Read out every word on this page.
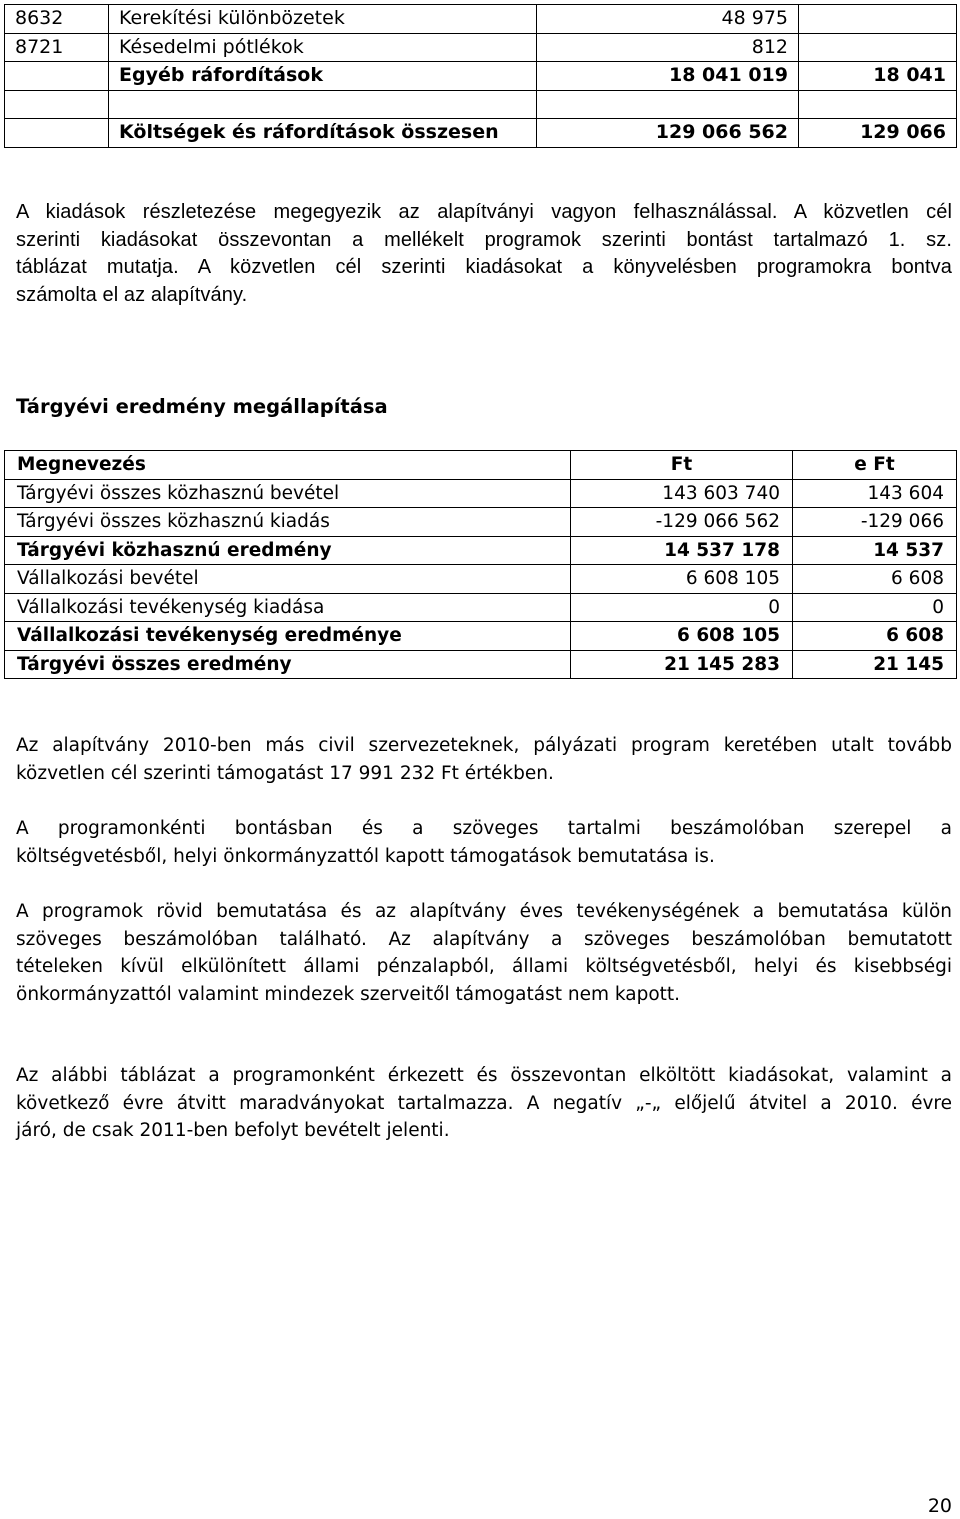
8632	Kerekítési különbözetek	48 975	
8721	Késedelmi pótlékok	812	
	Egyéb ráfordítások	18 041 019	18 041

	Költségek és ráfordítások összesen	129 066 562	129 066
A kiadások részletezése megegyezik az alapítványi vagyon felhasználással. A közvetlen cél
szerinti kiadásokat összevontan a mellékelt programok szerinti bontást tartalmazó 1. sz.
táblázat mutatja. A közvetlen cél szerinti kiadásokat a könyvelésben programokra bontva
számolta el az alapítvány.
Tárgyévi eredmény megállapítása
Megnevezés	Ft	e Ft
Tárgyévi összes közhasznú bevétel	143 603 740	143 604
Tárgyévi összes közhasznú kiadás	-129 066 562	-129 066
Tárgyévi közhasznú eredmény	14 537 178	14 537
Vállalkozási bevétel	6 608 105	6 608
Vállalkozási tevékenység kiadása	0	0
Vállalkozási tevékenység eredménye	6 608 105	6 608
Tárgyévi összes eredmény	21 145 283	21 145
Az alapítvány 2010-ben más civil szervezeteknek, pályázati program keretében utalt tovább
közvetlen cél szerinti támogatást 17 991 232 Ft értékben.
A programonkénti bontásban és a szöveges tartalmi beszámolóban szerepel a
költségvetésből, helyi önkormányzattól kapott támogatások bemutatása is.
A programok rövid bemutatása és az alapítvány éves tevékenységének a bemutatása külön
szöveges beszámolóban található. Az alapítvány a szöveges beszámolóban bemutatott
tételeken kívül elkülönített állami pénzalapból, állami költségvetésből, helyi és kisebbségi
önkormányzattól valamint mindezek szerveitől támogatást nem kapott.
Az alábbi táblázat a programonként érkezett és összevontan elköltött kiadásokat, valamint a
következő évre átvitt maradványokat tartalmazza. A negatív „-„ előjelű átvitel a 2010. évre
járó, de csak 2011-ben befolyt bevételt jelenti.
20
